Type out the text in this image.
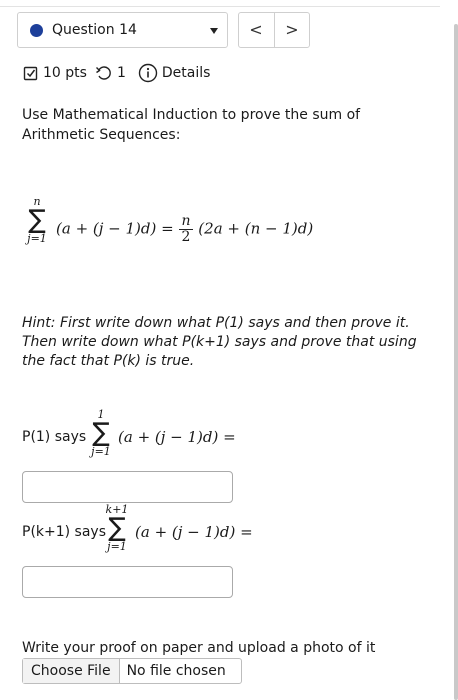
Question 14	<	>
10 pts 1	Details
Use Mathematical Induction to prove the sum of Arithmetic Sequences:
n
∑
j=1
$(a + (j - 1)d) = \frac{n}{2} (2a + (n - 1)d)$
Hint: First write down what P(1) says and then prove it. Then write down what P(k+1) says and prove that using the fact that P(k) is true.
P(1) says
1
∑
j=1
(a + (j − 1)d) =
P(k+1) says
k+1
∑
j=1
(a + (j − 1)d) =
Write your proof on paper and upload a photo of it
Choose File	No file chosen
